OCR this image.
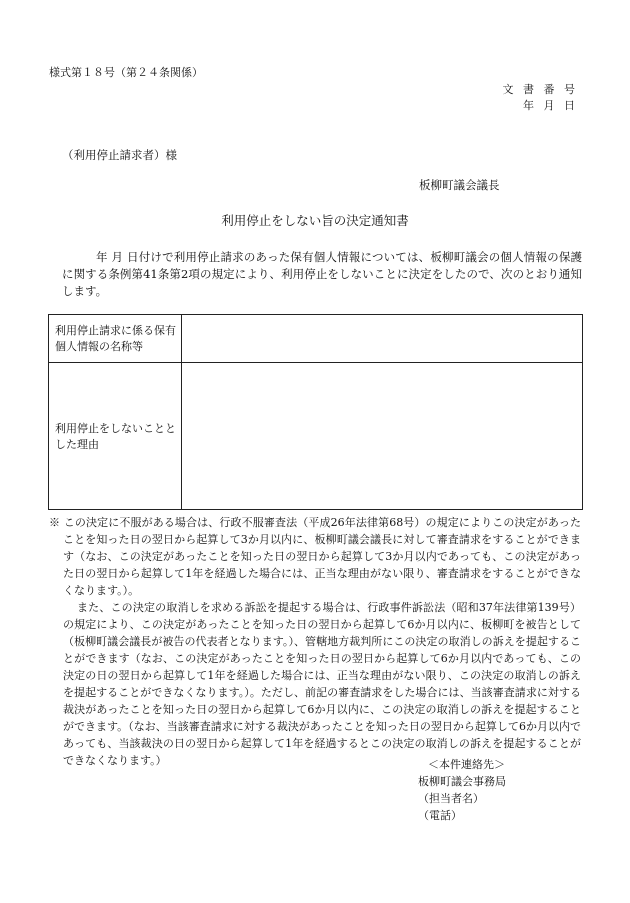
様式第１８号（第２４条関係）
文 書 番 号
年 月 日
（利用停止請求者）様
板柳町議会議長
利用停止をしない旨の決定通知書

年 月 日付けで利用停止請求のあった保有個人情報については、板柳町議会の個人情報の保護に関する条例第41条第2項の規定により、利用停止をしないことに決定をしたので、次のとおり通知します。

利用停止請求に係る保有個人情報の名称等	
利用停止をしないこととした理由	

※ この決定に不服がある場合は、行政不服審査法（平成26年法律第68号）の規定によりこの決定があったことを知った日の翌日から起算して3か月以内に、板柳町議会議長に対して審査請求をすることができます（なお、この決定があったことを知った日の翌日から起算して3か月以内であっても、この決定があった日の翌日から起算して1年を経過した場合には、正当な理由がない限り、審査請求をすることができなくなります。）。

また、この決定の取消しを求める訴訟を提起する場合は、行政事件訴訟法（昭和37年法律第139号）の規定により、この決定があったことを知った日の翌日から起算して6か月以内に、板柳町を被告として（板柳町議会議長が被告の代表者となります。）、管轄地方裁判所にこの決定の取消しの訴えを提起することができます（なお、この決定があったことを知った日の翌日から起算して6か月以内であっても、この決定の日の翌日から起算して1年を経過した場合には、正当な理由がない限り、この決定の取消しの訴えを提起することができなくなります。）。ただし、前記の審査請求をした場合には、当該審査請求に対する裁決があったことを知った日の翌日から起算して6か月以内に、この決定の取消しの訴えを提起することができます。（なお、当該審査請求に対する裁決があったことを知った日の翌日から起算して6か月以内であっても、当該裁決の日の翌日から起算して1年を経過するとこの決定の取消しの訴えを提起することができなくなります。）	＜本件連絡先＞
板柳町議会事務局
（担当者名）
（電話）
